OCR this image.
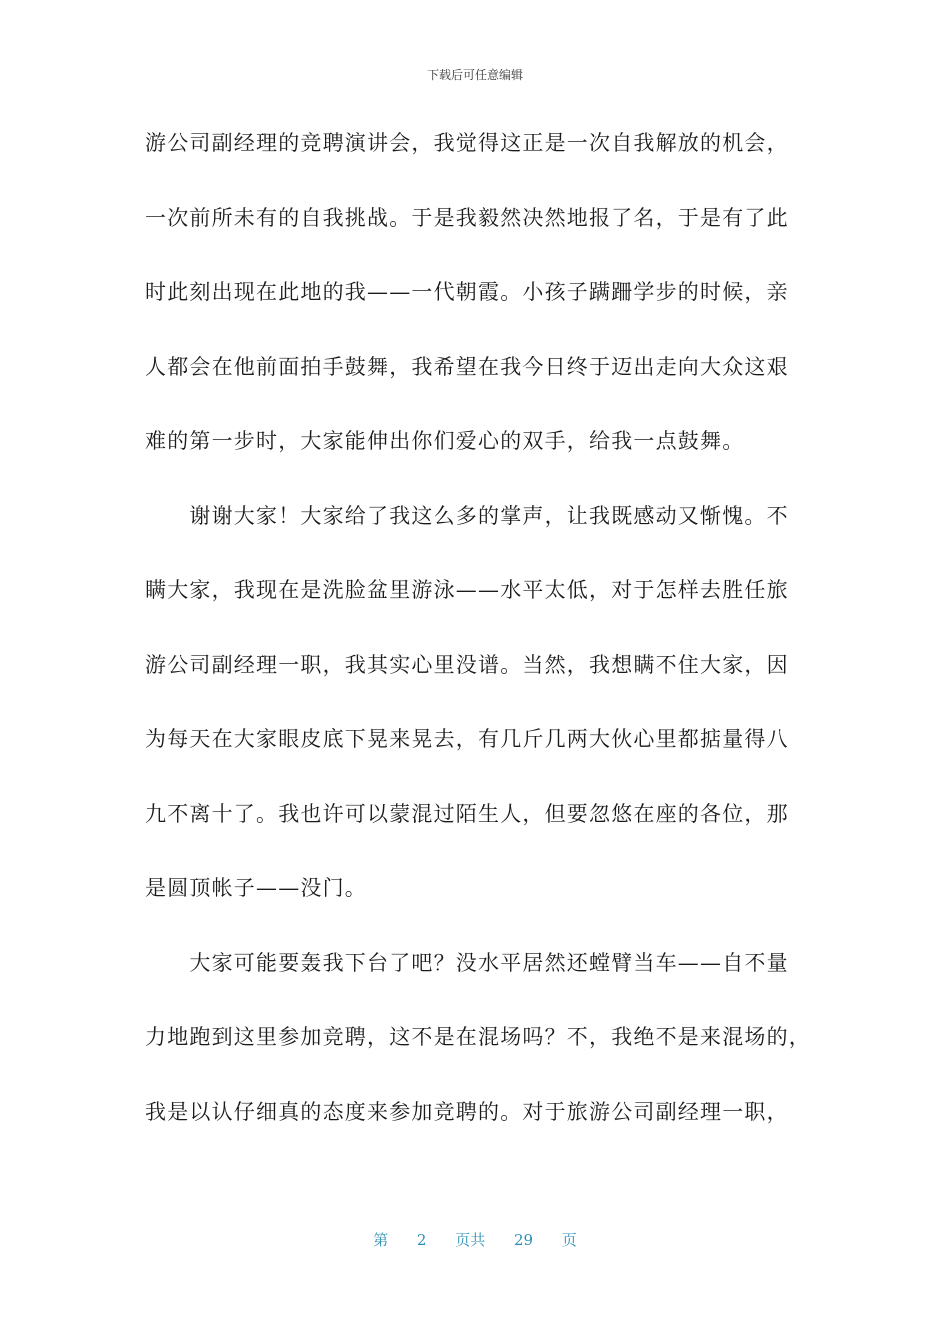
下载后可任意编辑
游公司副经理的竞聘演讲会，我觉得这正是一次自我解放的机会，
一次前所未有的自我挑战。于是我毅然决然地报了名，于是有了此
时此刻出现在此地的我——一代朝霞。小孩子蹒跚学步的时候，亲
人都会在他前面拍手鼓舞，我希望在我今日终于迈出走向大众这艰
难的第一步时，大家能伸出你们爱心的双手，给我一点鼓舞。
　　谢谢大家！大家给了我这么多的掌声，让我既感动又惭愧。不
瞒大家，我现在是洗脸盆里游泳——水平太低，对于怎样去胜任旅
游公司副经理一职，我其实心里没谱。当然，我想瞒不住大家，因
为每天在大家眼皮底下晃来晃去，有几斤几两大伙心里都掂量得八
九不离十了。我也许可以蒙混过陌生人，但要忽悠在座的各位，那
是圆顶帐子——没门。
　　大家可能要轰我下台了吧？没水平居然还螳臂当车——自不量
力地跑到这里参加竞聘，这不是在混场吗？不，我绝不是来混场的，
我是以认仔细真的态度来参加竞聘的。对于旅游公司副经理一职，
第 2 页共 29 页
